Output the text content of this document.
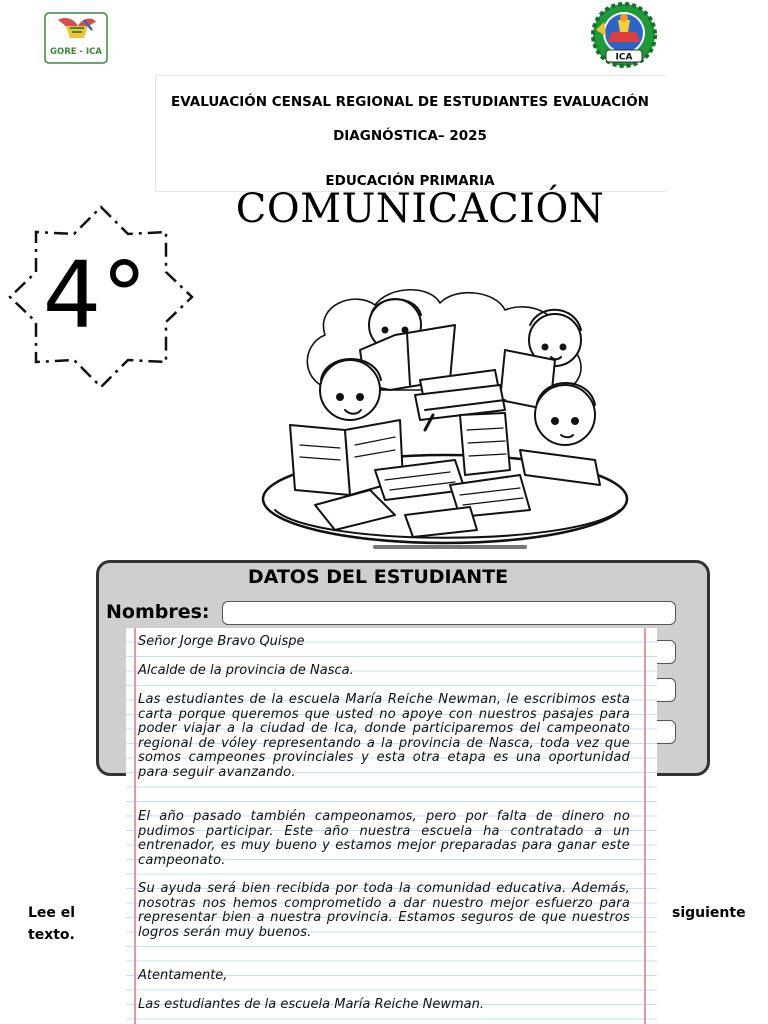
GORE - ICA
ICA
EVALUACIÓN CENSAL REGIONAL DE ESTUDIANTES EVALUACIÓN
DIAGNÓSTICA– 2025
EDUCACIÓN PRIMARIA
COMUNICACIÓN
4°
DATOS DEL ESTUDIANTE
Nombres:
Señor Jorge Bravo Quispe
Alcalde de la provincia de Nasca.
Las estudiantes de la escuela María Reiche Newman, le escribimos esta carta porque queremos que usted no apoye con nuestros pasajes para poder viajar a la ciudad de Ica, donde participaremos del campeonato regional de vóley representando a la provincia de Nasca, toda vez que somos campeones provinciales y esta otra etapa es una oportunidad para seguir avanzando.
El año pasado también campeonamos, pero por falta de dinero no pudimos participar. Este año nuestra escuela ha contratado a un entrenador, es muy bueno y estamos mejor preparadas para ganar este campeonato.
Su ayuda será bien recibida por toda la comunidad educativa. Además, nosotras nos hemos comprometido a dar nuestro mejor esfuerzo para representar bien a nuestra provincia. Estamos seguros de que nuestros logros serán muy buenos.
Atentamente,
Las estudiantes de la escuela María Reiche Newman.
Lee el
texto.
siguiente
